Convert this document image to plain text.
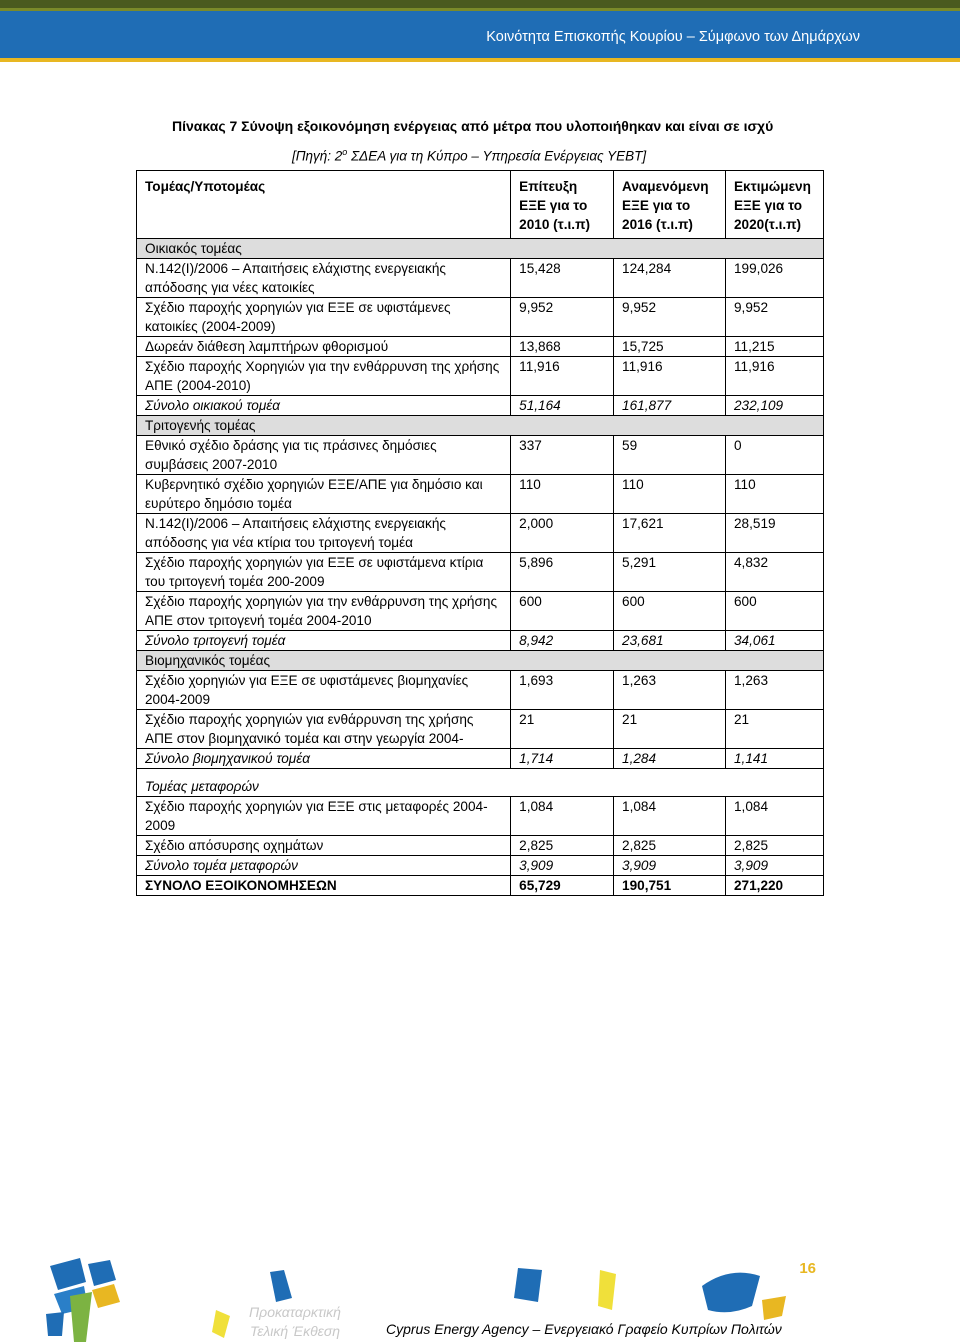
Κοινότητα Επισκοπής Κουρίου – Σύμφωνο των Δημάρχων
Πίνακας 7 Σύνοψη εξοικονόμηση ενέργειας από μέτρα που υλοποιήθηκαν και είναι σε ισχύ
[Πηγή: $2^o$ ΣΔΕΑ για τη Κύπρο – Υπηρεσία Ενέργειας ΥΕΒΤ]
Τομέας/Υποτομέας	Επίτευξη ΕΞΕ για το 2010 (τ.ι.π)	Αναμενόμενη ΕΞΕ για το 2016 (τ.ι.π)	Εκτιμώμενη ΕΞΕ για το 2020(τ.ι.π)
Οικιακός τομέας			
Ν.142(Ι)/2006 – Απαιτήσεις ελάχιστης ενεργειακής απόδοσης για νέες κατοικίες	15,428	124,284	199,026
Σχέδιο παροχής χορηγιών για ΕΞΕ σε υφιστάμενες κατοικίες (2004-2009)	9,952	9,952	9,952
Δωρεάν διάθεση λαμπτήρων φθορισμού	13,868	15,725	11,215
Σχέδιο παροχής Χορηγιών για την ενθάρρυνση της χρήσης ΑΠΕ (2004-2010)	11,916	11,916	11,916
Σύνολο οικιακού τομέα	51,164	161,877	232,109
Τριτογενής τομέας			
Εθνικό σχέδιο δράσης για τις πράσινες δημόσιες συμβάσεις 2007-2010	337	59	0
Κυβερνητικό σχέδιο χορηγιών ΕΞΕ/ΑΠΕ για δημόσιο και ευρύτερο δημόσιο τομέα	110	110	110
Ν.142(Ι)/2006 – Απαιτήσεις ελάχιστης ενεργειακής απόδοσης για νέα κτίρια του τριτογενή τομέα	2,000	17,621	28,519
Σχέδιο παροχής χορηγιών για ΕΞΕ σε υφιστάμενα κτίρια του τριτογενή τομέα 200-2009	5,896	5,291	4,832
Σχέδιο παροχής χορηγιών για την ενθάρρυνση της χρήσης ΑΠΕ στον τριτογενή τομέα 2004-2010	600	600	600
Σύνολο τριτογενή τομέα	8,942	23,681	34,061
Βιομηχανικός τομέας			
Σχέδιο χορηγιών για ΕΞΕ σε υφιστάμενες βιομηχανίες 2004-2009	1,693	1,263	1,263
Σχέδιο παροχής χορηγιών για ενθάρρυνση της χρήσης ΑΠΕ στον βιομηχανικό τομέα και στην γεωργία 2004-	21	21	21
Σύνολο βιομηχανικού τομέα	1,714	1,284	1,141
Τομέας μεταφορών			
Σχέδιο παροχής χορηγιών για ΕΞΕ στις μεταφορές 2004-2009	1,084	1,084	1,084
Σχέδιο απόσυρσης οχημάτων	2,825	2,825	2,825
Σύνολο τομέα μεταφορών	3,909	3,909	3,909
ΣΥΝΟΛΟ ΕΞΟΙΚΟΝΟΜΗΣΕΩΝ	65,729	190,751	271,220
16
Προκαταρκτική
Τελική Έκθεση	Cyprus Energy Agency – Ενεργειακό Γραφείο Κυπρίων Πολιτών
